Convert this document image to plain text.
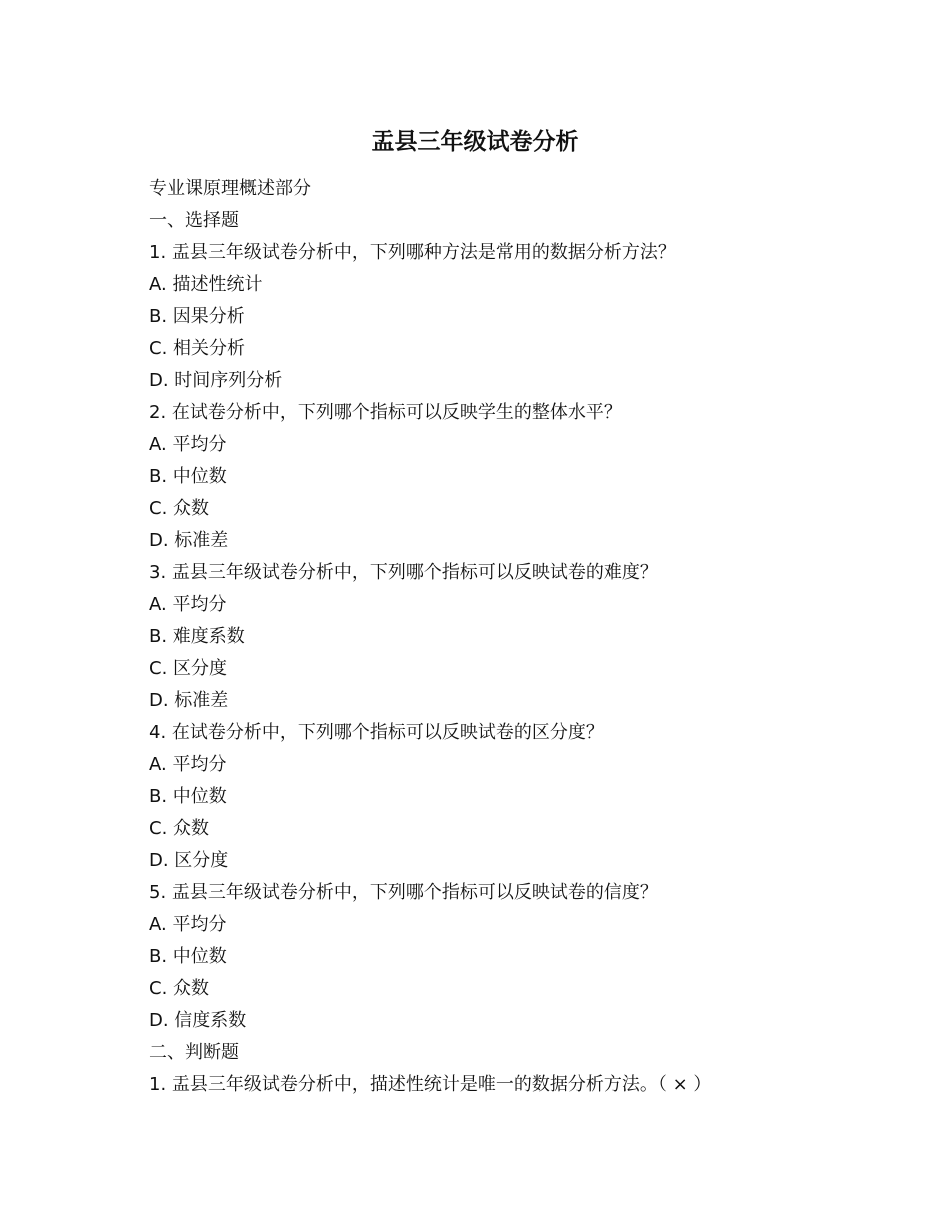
盂县三年级试卷分析

专业课原理概述部分

一、选择题

1. 盂县三年级试卷分析中，下列哪种方法是常用的数据分析方法？

A. 描述性统计

B. 因果分析

C. 相关分析

D. 时间序列分析

2. 在试卷分析中，下列哪个指标可以反映学生的整体水平？

A. 平均分

B. 中位数

C. 众数

D. 标准差

3. 盂县三年级试卷分析中，下列哪个指标可以反映试卷的难度？

A. 平均分

B. 难度系数

C. 区分度

D. 标准差

4. 在试卷分析中，下列哪个指标可以反映试卷的区分度？

A. 平均分

B. 中位数

C. 众数

D. 区分度

5. 盂县三年级试卷分析中，下列哪个指标可以反映试卷的信度？

A. 平均分

B. 中位数

C. 众数

D. 信度系数

二、判断题

1. 盂县三年级试卷分析中，描述性统计是唯一的数据分析方法。（ × ）
